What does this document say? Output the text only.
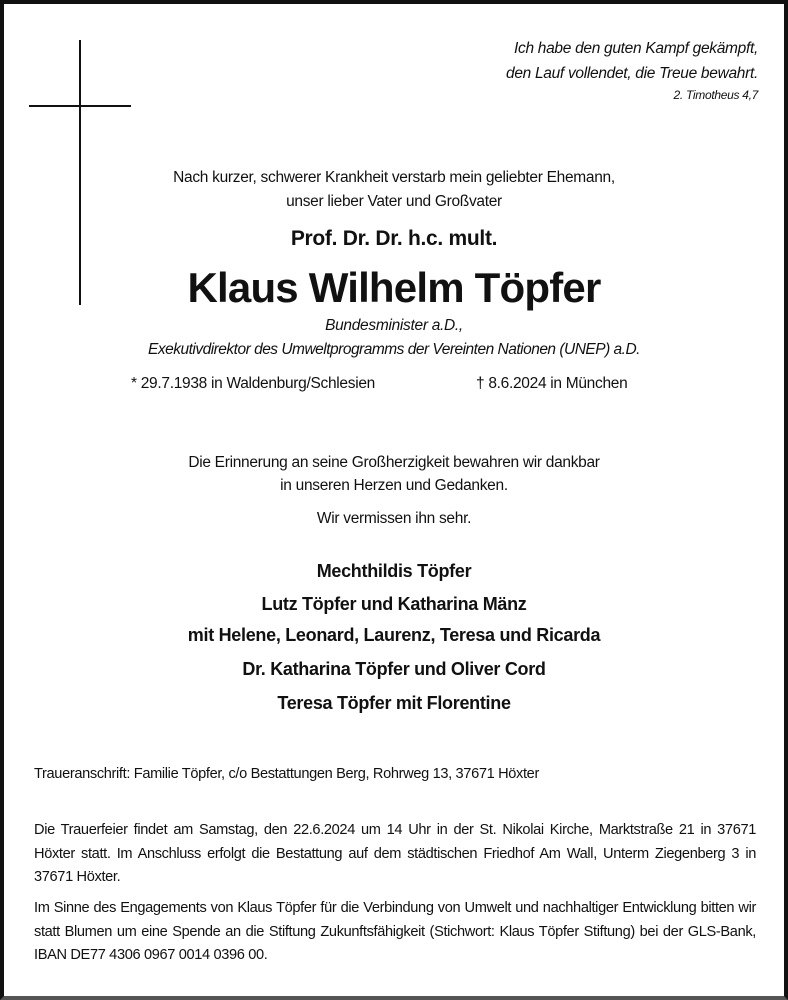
Ich habe den guten Kampf gekämpft,
den Lauf vollendet, die Treue bewahrt.
2. Timotheus 4,7
Nach kurzer, schwerer Krankheit verstarb mein geliebter Ehemann,
unser lieber Vater und Großvater
Prof. Dr. Dr. h.c. mult.
Klaus Wilhelm Töpfer
Bundesminister a.D.,
Exekutivdirektor des Umweltprogramms der Vereinten Nationen (UNEP) a.D.
* 29.7.1938 in Waldenburg/Schlesien	† 8.6.2024 in München
Die Erinnerung an seine Großherzigkeit bewahren wir dankbar
in unseren Herzen und Gedanken.
Wir vermissen ihn sehr.
Mechthildis Töpfer
Lutz Töpfer und Katharina Mänz
mit Helene, Leonard, Laurenz, Teresa und Ricarda
Dr. Katharina Töpfer und Oliver Cord
Teresa Töpfer mit Florentine
Traueranschrift: Familie Töpfer, c/o Bestattungen Berg, Rohrweg 13, 37671 Höxter

Die Trauerfeier findet am Samstag, den 22.6.2024 um 14 Uhr in der St. Nikolai Kirche, Marktstraße 21 in 37671 Höxter statt. Im Anschluss erfolgt die Bestattung auf dem städtischen Friedhof Am Wall, Unterm Ziegenberg 3 in 37671 Höxter.

Im Sinne des Engagements von Klaus Töpfer für die Verbindung von Umwelt und nachhaltiger Entwicklung bitten wir statt Blumen um eine Spende an die Stiftung Zukunftsfähigkeit (Stichwort: Klaus Töpfer Stiftung) bei der GLS-Bank, IBAN DE77 4306 0967 0014 0396 00.
